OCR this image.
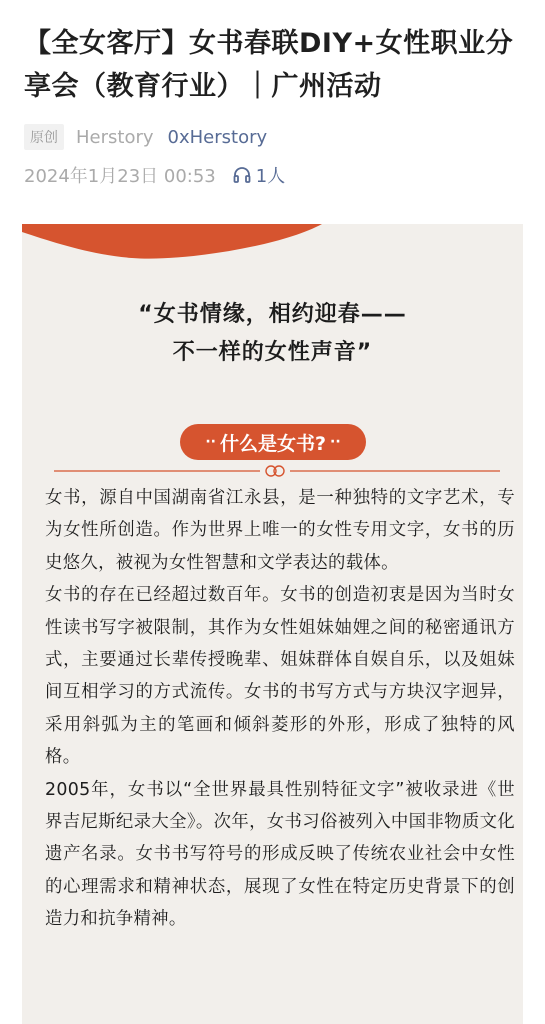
【全女客厅】女书春联DIY+女性职业分享会（教育行业）｜广州活动
原创	Herstory 0xHerstory
2024年1月23日 00:53 1人
“女书情缘，相约迎春——
不一样的女性声音”
·· 什么是女书? ··

女书，源自中国湖南省江永县，是一种独特的文字艺术，专为女性所创造。作为世界上唯一的女性专用文字，女书的历史悠久，被视为女性智慧和文学表达的载体。

女书的存在已经超过数百年。女书的创造初衷是因为当时女性读书写字被限制，其作为女性姐妹妯娌之间的秘密通讯方式，主要通过长辈传授晚辈、姐妹群体自娱自乐，以及姐妹间互相学习的方式流传。女书的书写方式与方块汉字迥异，采用斜弧为主的笔画和倾斜菱形的外形，形成了独特的风格。

2005年，女书以“全世界最具性别特征文字”被收录进《世界吉尼斯纪录大全》。次年，女书习俗被列入中国非物质文化遗产名录。女书书写符号的形成反映了传统农业社会中女性的心理需求和精神状态，展现了女性在特定历史背景下的创造力和抗争精神。
